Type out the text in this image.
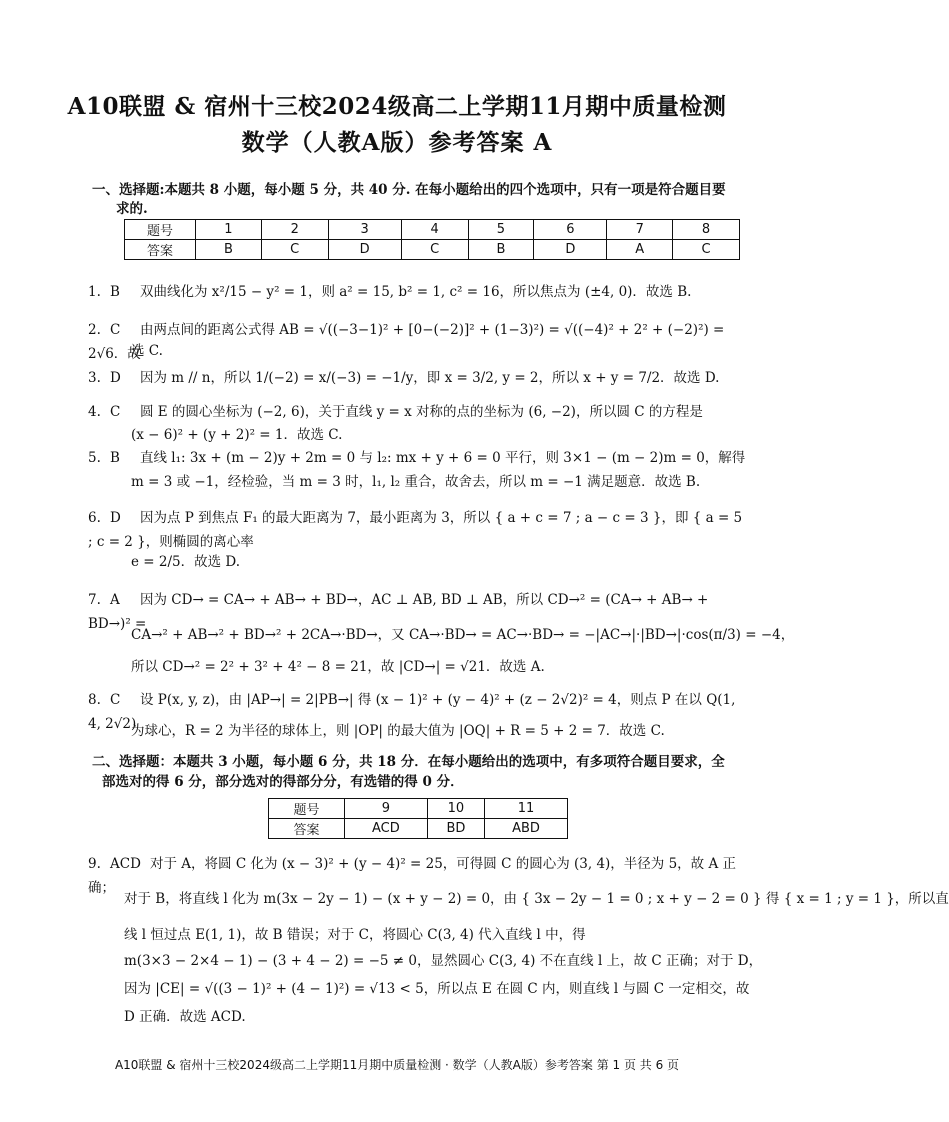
A10联盟 & 宿州十三校2024级高二上学期11月期中质量检测
数学（人教A版）参考答案 A
一、选择题:本题共 8 小题，每小题 5 分，共 40 分. 在每小题给出的四个选项中，只有一项是符合题目要
求的.
题号	1	2	3	4	5	6	7	8
答案	B	C	D	C	B	D	A	C
1. B 双曲线化为 x²/15 − y² = 1，则 a² = 15, b² = 1, c² = 16，所以焦点为 (±4, 0)．故选 B.
2. C 由两点间的距离公式得 AB = √((−3−1)² + [0−(−2)]² + (1−3)²) = √((−4)² + 2² + (−2)²) = 2√6．故
选 C.
3. D 因为 m // n，所以 1/(−2) = x/(−3) = −1/y，即 x = 3/2, y = 2，所以 x + y = 7/2．故选 D.
4. C 圆 E 的圆心坐标为 (−2, 6)，关于直线 y = x 对称的点的坐标为 (6, −2)，所以圆 C 的方程是
(x − 6)² + (y + 2)² = 1．故选 C.
5. B 直线 l₁: 3x + (m − 2)y + 2m = 0 与 l₂: mx + y + 6 = 0 平行，则 3×1 − (m − 2)m = 0，解得
m = 3 或 −1，经检验，当 m = 3 时，l₁, l₂ 重合，故舍去，所以 m = −1 满足题意．故选 B.
6. D 因为点 P 到焦点 F₁ 的最大距离为 7，最小距离为 3，所以 { a + c = 7 ; a − c = 3 }，即 { a = 5 ; c = 2 }，则椭圆的离心率
e = 2/5．故选 D.
7. A 因为 CD→ = CA→ + AB→ + BD→，AC ⊥ AB, BD ⊥ AB，所以 CD→² = (CA→ + AB→ + BD→)² =
CA→² + AB→² + BD→² + 2CA→·BD→，又 CA→·BD→ = AC→·BD→ = −|AC→|·|BD→|·cos(π/3) = −4，
所以 CD→² = 2² + 3² + 4² − 8 = 21，故 |CD→| = √21．故选 A.
8. C 设 P(x, y, z)，由 |AP→| = 2|PB→| 得 (x − 1)² + (y − 4)² + (z − 2√2)² = 4，则点 P 在以 Q(1, 4, 2√2)
为球心，R = 2 为半径的球体上，则 |OP| 的最大值为 |OQ| + R = 5 + 2 = 7．故选 C.
二、选择题：本题共 3 小题，每小题 6 分，共 18 分．在每小题给出的选项中，有多项符合题目要求，全
部选对的得 6 分，部分选对的得部分分，有选错的得 0 分．
题号	9	10	11
答案	ACD	BD	ABD
9. ACD 对于 A，将圆 C 化为 (x − 3)² + (y − 4)² = 25，可得圆 C 的圆心为 (3, 4)，半径为 5，故 A 正确；
对于 B，将直线 l 化为 m(3x − 2y − 1) − (x + y − 2) = 0，由 { 3x − 2y − 1 = 0 ; x + y − 2 = 0 } 得 { x = 1 ; y = 1 }，所以直
线 l 恒过点 E(1, 1)，故 B 错误；对于 C，将圆心 C(3, 4) 代入直线 l 中，得
m(3×3 − 2×4 − 1) − (3 + 4 − 2) = −5 ≠ 0，显然圆心 C(3, 4) 不在直线 l 上，故 C 正确；对于 D，
因为 |CE| = √((3 − 1)² + (4 − 1)²) = √13 < 5，所以点 E 在圆 C 内，则直线 l 与圆 C 一定相交，故
D 正确．故选 ACD.
A10联盟 & 宿州十三校2024级高二上学期11月期中质量检测 · 数学（人教A版）参考答案 第 1 页 共 6 页
